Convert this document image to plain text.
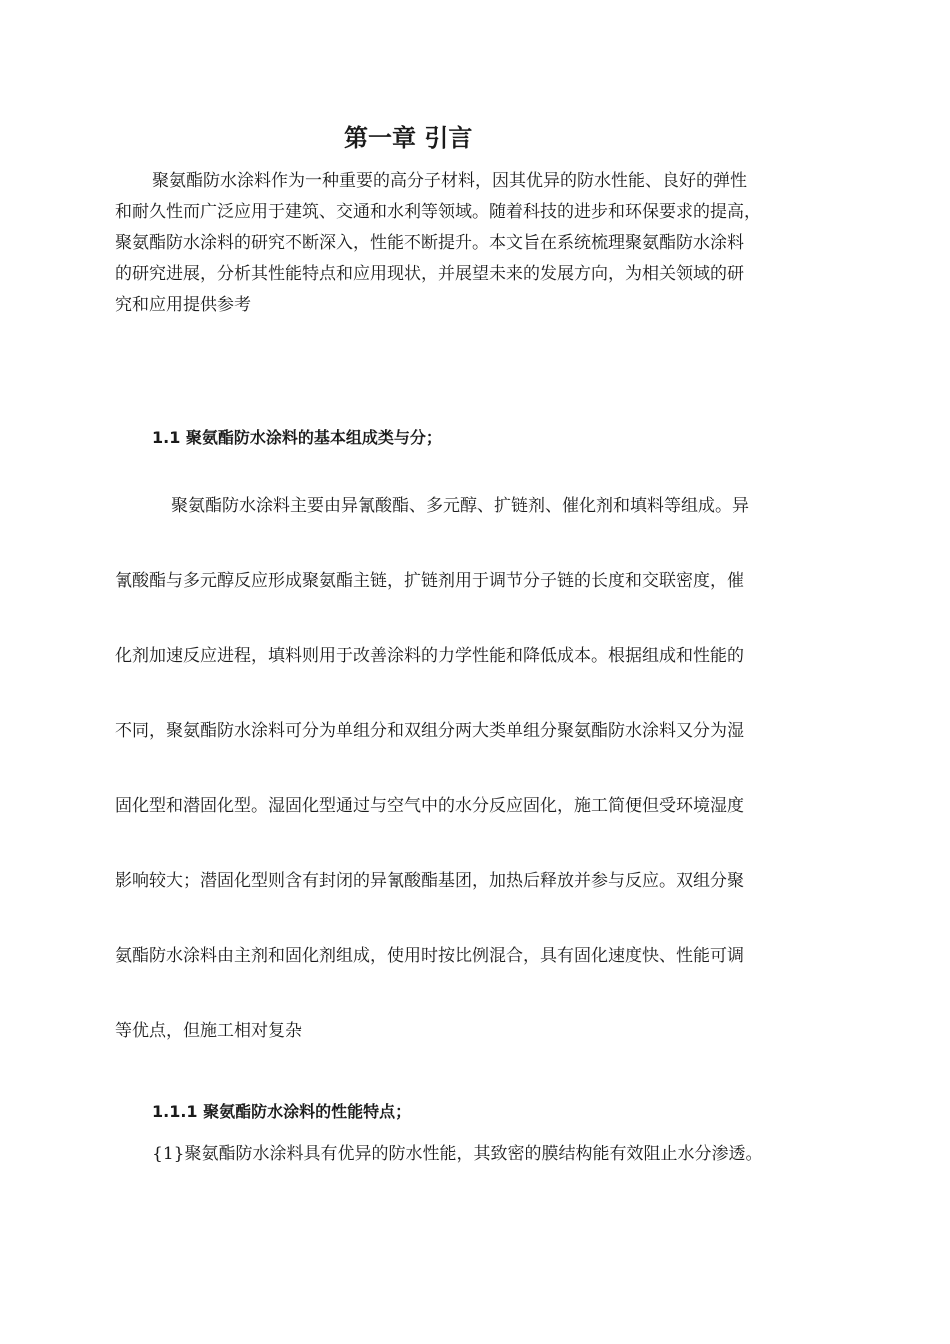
第一章 引言

聚氨酯防水涂料作为一种重要的高分子材料，因其优异的防水性能、良好的弹性
和耐久性而广泛应用于建筑、交通和水利等领域。随着科技的进步和环保要求的提高，
聚氨酯防水涂料的研究不断深入，性能不断提升。本文旨在系统梳理聚氨酯防水涂料
的研究进展，分析其性能特点和应用现状，并展望未来的发展方向，为相关领域的研
究和应用提供参考

1.1 聚氨酯防水涂料的基本组成类与分；

聚氨酯防水涂料主要由异氰酸酯、多元醇、扩链剂、催化剂和填料等组成。异
氰酸酯与多元醇反应形成聚氨酯主链，扩链剂用于调节分子链的长度和交联密度，催
化剂加速反应进程，填料则用于改善涂料的力学性能和降低成本。根据组成和性能的
不同，聚氨酯防水涂料可分为单组分和双组分两大类单组分聚氨酯防水涂料又分为湿
固化型和潜固化型。湿固化型通过与空气中的水分反应固化，施工简便但受环境湿度
影响较大；潜固化型则含有封闭的异氰酸酯基团，加热后释放并参与反应。双组分聚
氨酯防水涂料由主剂和固化剂组成，使用时按比例混合，具有固化速度快、性能可调
等优点，但施工相对复杂

1.1.1 聚氨酯防水涂料的性能特点；

{1}聚氨酯防水涂料具有优异的防水性能，其致密的膜结构能有效阻止水分渗透。
